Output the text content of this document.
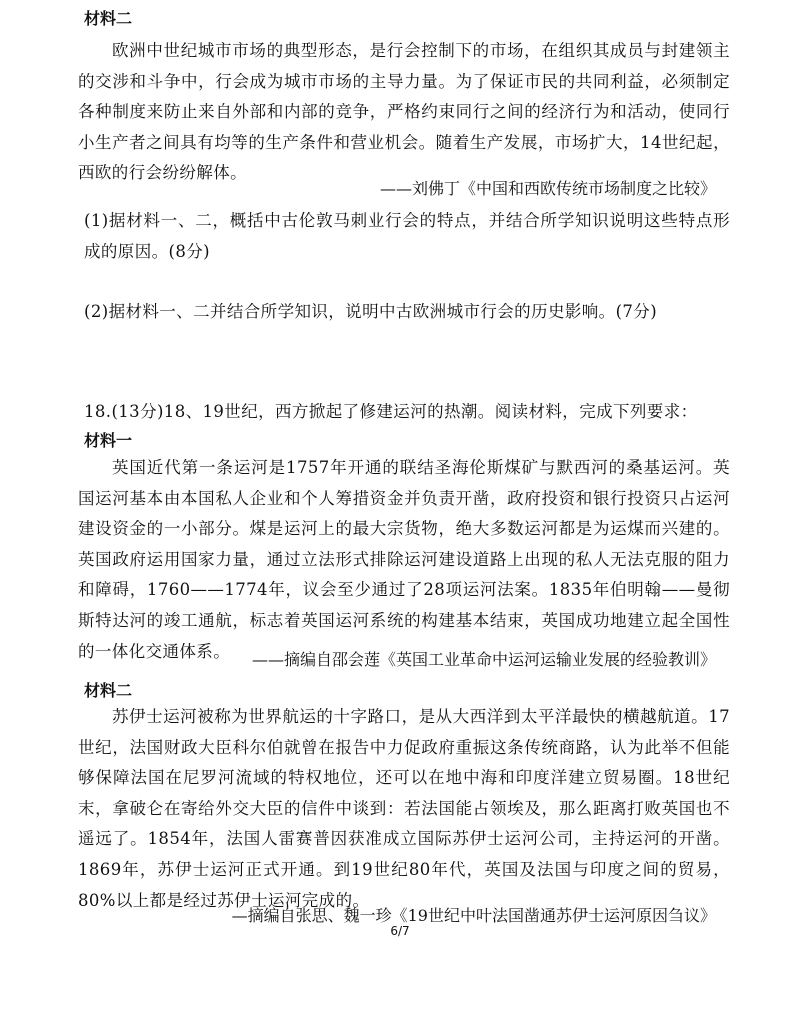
材料二

欧洲中世纪城市市场的典型形态，是行会控制下的市场，在组织其成员与封建领主的交涉和斗争中，行会成为城市市场的主导力量。为了保证市民的共同利益，必须制定各种制度来防止来自外部和内部的竞争，严格约束同行之间的经济行为和活动，使同行小生产者之间具有均等的生产条件和营业机会。随着生产发展，市场扩大，14世纪起，西欧的行会纷纷解体。

——刘佛丁《中国和西欧传统市场制度之比较》

(1)据材料一、二，概括中古伦敦马刺业行会的特点，并结合所学知识说明这些特点形成的原因。(8分)

(2)据材料一、二并结合所学知识，说明中古欧洲城市行会的历史影响。(7分)

18.(13分)18、19世纪，西方掀起了修建运河的热潮。阅读材料，完成下列要求：

材料一

英国近代第一条运河是1757年开通的联结圣海伦斯煤矿与默西河的桑基运河。英国运河基本由本国私人企业和个人筹措资金并负责开凿，政府投资和银行投资只占运河建设资金的一小部分。煤是运河上的最大宗货物，绝大多数运河都是为运煤而兴建的。英国政府运用国家力量，通过立法形式排除运河建设道路上出现的私人无法克服的阻力和障碍，1760——1774年，议会至少通过了28项运河法案。1835年伯明翰——曼彻斯特达河的竣工通航，标志着英国运河系统的构建基本结束，英国成功地建立起全国性的一体化交通体系。	——摘编自邵会莲《英国工业革命中运河运输业发展的经验教训》

材料二

苏伊士运河被称为世界航运的十字路口，是从大西洋到太平洋最快的横越航道。17世纪，法国财政大臣科尔伯就曾在报告中力促政府重振这条传统商路，认为此举不但能够保障法国在尼罗河流域的特权地位，还可以在地中海和印度洋建立贸易圈。18世纪末，拿破仑在寄给外交大臣的信件中谈到：若法国能占领埃及，那么距离打败英国也不遥远了。1854年，法国人雷赛普因获准成立国际苏伊士运河公司，主持运河的开凿。1869年，苏伊士运河正式开通。到19世纪80年代，英国及法国与印度之间的贸易，80%以上都是经过苏伊士运河完成的。

—摘编自张思、魏一珍《19世纪中叶法国凿通苏伊士运河原因刍议》

6/7
